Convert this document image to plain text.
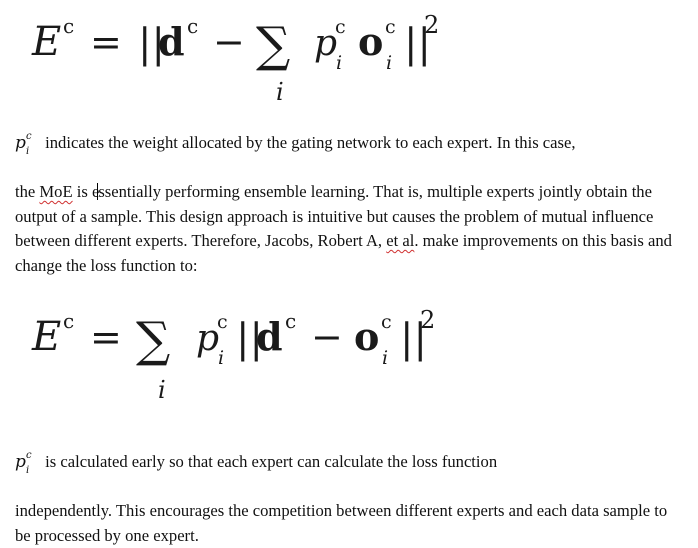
E c = ||
d c − ∑
i
p
c
i o c
i ||
2

p c
i indicates the weight allocated by the gating network to each expert. In this case,

the MoE is essentially performing ensemble learning. That is, multiple experts jointly obtain the output of a sample. This design approach is intuitive but causes the problem of mutual influence between different experts. Therefore, Jacobs, Robert A, et al. make improvements on this basis and change the loss function to:

E c = ∑
i
p
c
i ||
d c − o c
i ||
2

p c
i is calculated early so that each expert can calculate the loss function

independently. This encourages the competition between different experts and each data sample to be processed by one expert.
